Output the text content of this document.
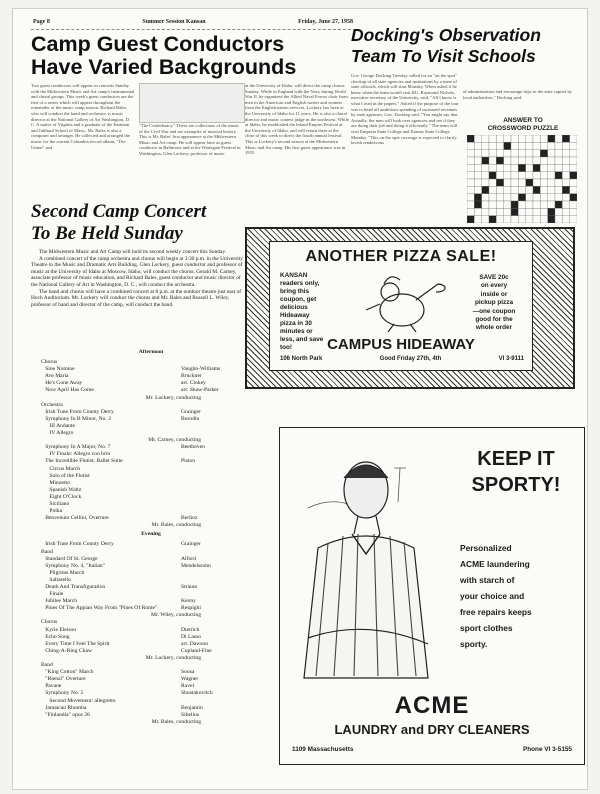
Page 8	Summer Session Kansan	Friday, June 27, 1958
Camp Guest Conductors
Have Varied Backgrounds
Two guest conductors will appear in concerts Sunday with the Midwestern Music and Art camp's instrumental and choral groups. This week's guest conductors are the first of a series which will appear throughout the remainder of the music camp season. Richard Bales, who will conduct the band and orchestra, is music director at the National Gallery of Art Washington, D. C. A native of Virginia and a graduate of the Eastman and Juilliard School of Music, Mr. Bales is also a composer and arranger. He collected and arranged the music for the current Columbia record album, "The Union" and
"The Confederacy." These are collections of the music of the Civil War and are examples of musical history. This is Mr. Bales' first appearance at the Midwestern Music and Art camp. He will appear later as guest conductor in Baltimore and at the Watergate Festival in Washington. Glen Lockery, professor of music
at the University of Idaho, will direct the camp chorus Sunday. While in England with the Navy during World War II, he organized the Allied Naval Forces choir from men in the American and English navies and women from the English nation services. Lockery has been at the University of Idaho for 11 years. He is also a choral director and music contest judge in the northwest. While at Idaho, he established the Inland Empire Festival at the University of Idaho, and will return there at the close of this week to direct the fourth annual festival. This is Lockery's second season at the Midwestern Music and Art camp. His first guest appearance was in 1955.
Docking's Observation
Team To Visit Schools
Gov. George Docking Tuesday called for an "on the spot" checkup of all state agencies and institutions by a team of state officials, which will start Monday. When asked if he knew when the team would visit KU, Raymond Nichols, executive secretary of the University, said, "All I know is what I read in the papers." Asked if the purpose of the tour was to head off ambitious spending of increased revenues by state agencies, Gov. Docking said, "You might say that. Actually, the men will look over agencies and see if they are doing their job and doing it efficiently." The team will visit Emporia State College and Kansas State College Monday. "This on the spot coverage is expected to clarify lavish rendezvous
of administration and encourage trips to the state capitol by local authorities," Docking said.
ANSWER TO
CROSSWORD PUZZLE
Second Camp Concert
To Be Held Sunday
The Midwestern Music and Art Camp will hold its second weekly concert this Sunday.
A combined concert of the camp orchestra and chorus will begin at 3:30 p.m. in the University Theatre in the Music and Dramatic Arts Building. Glen Lockery, guest conductor and professor of music at the University of Idaho at Moscow, Idaho, will conduct the chorus. Gerald M. Carney, associate professor of music education, and Richard Bales, guest conductor and music director of the National Gallery of Art in Washington, D. C., will conduct the orchestra.
The band and chorus will have a combined concert at 8 p.m. at the outdoor theatre just east of Hoch Auditorium. Mr. Lockery will conduct the chorus and Mr. Bales and Russell L. Wiley, professor of band and director of the camp, will conduct the band.
Afternoon
Chorus
Sine Nomine	Vaughn-Williams
Ave Maria	Bruckner
He's Gone Away	arr. Clokey
Now April Has Come	arr. Shaw-Parker
Mr. Lockery, conducting
Orchestra
Irish Tune From County Derry	Grainger
Symphony In B Minor, No. 2	Borodin
III Andante
IV Allegro
Mr. Carney, conducting
Symphony In A Major, No. 7	Beethoven
IV Finale: Allegro con brio
The Incredible Flutist, Ballet Suite	Piston
Circus March
Solo of the Flutist
Minuetto
Spanish Waltz
Eight O'Clock
Siciliano
Polka
Benvenuto Cellini, Overture	Berlioz
Mr. Bales, conducting
Evening
Irish Tune From County Derry	Grainger
Band
Standard Of St. George	Alford
Symphony No. 4, "Italian"	Mendelssohn
Pilgrims March
Saltarello
Death And Transfiguration	Strauss
Finale
Jubilee March	Kenny
Pines Of The Appian Way From "Pines Of Rome"	Respighi
Mr. Wiley, conducting
Chorus
Kyrie Eleison	Dietrich
Echo Song	Di Lasso
Every Time I Feel The Spirit	arr. Dawson
Ching-A-Ring Chaw	Copland-Fine
Mr. Lockery, conducting
Band
"King Cotton" March	Sousa
"Rienzi" Overture	Wagner
Pavane	Ravel
Symphony No. 5	Shostakovitch
Second Movement: allegretto
Jamaican Rhumba	Benjamin
"Finlandia" opus 26	Sibelius
Mr. Bales, conducting
ANOTHER PIZZA SALE!
KANSAN
readers only,
bring this
coupon, get
delicious
Hideaway
pizza in 30
minutes or
less, and save
too!
SAVE 20c
on every
inside or
pickup pizza
—one coupon
good for the
whole order
CAMPUS HIDEAWAY
106 North Park	Good Friday 27th, 4th	VI 3-9111
KEEP IT
SPORTY!
Personalized
ACME laundering
with starch of
your choice and
free repairs keeps
sport clothes
sporty.
ACME
LAUNDRY and DRY CLEANERS
1109 Massachusetts	Phone VI 3-5155
